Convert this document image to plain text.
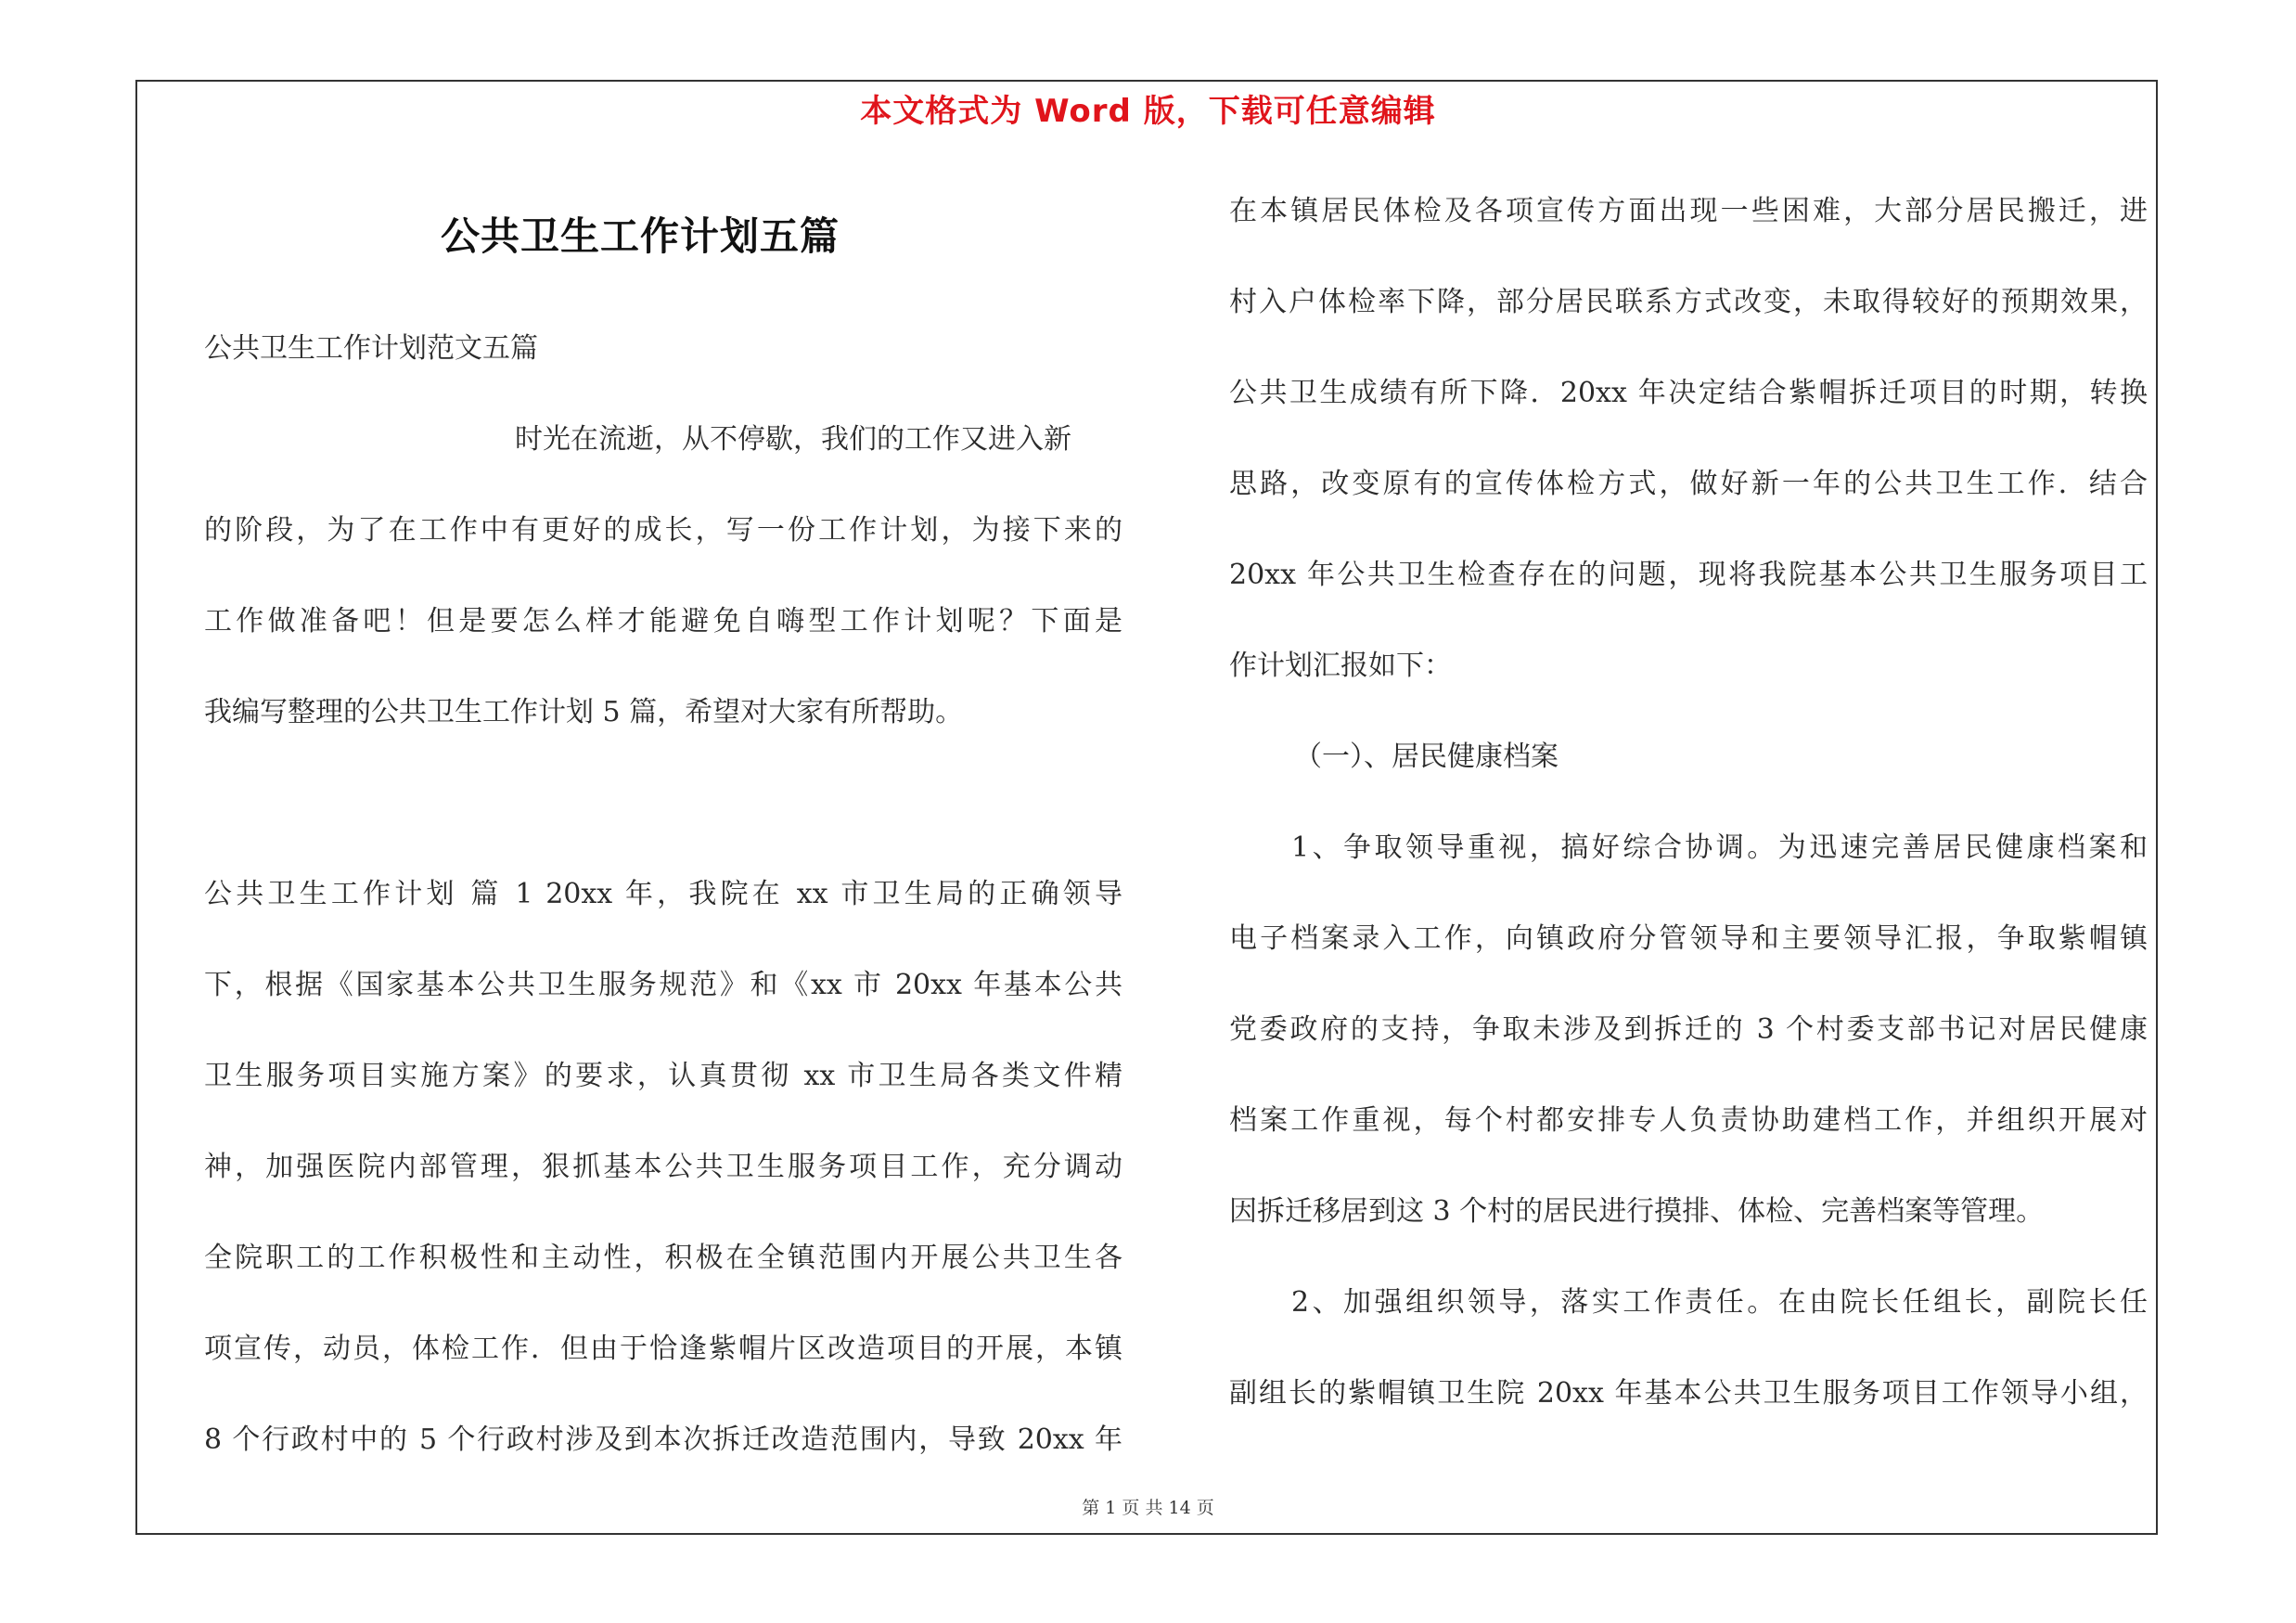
本文格式为 Word 版，下载可任意编辑
公共卫生工作计划五篇
公共卫生工作计划范文五篇
时光在流逝，从不停歇，我们的工作又进入新
的阶段，为了在工作中有更好的成长，写一份工作计划，为接下来的
工作做准备吧！但是要怎么样才能避免自嗨型工作计划呢？下面是
我编写整理的公共卫生工作计划 5 篇，希望对大家有所帮助。
公共卫生工作计划 篇 1 20xx 年，我院在 xx 市卫生局的正确领导
下，根据《国家基本公共卫生服务规范》和《xx 市 20xx 年基本公共
卫生服务项目实施方案》的要求，认真贯彻 xx 市卫生局各类文件精
神，加强医院内部管理，狠抓基本公共卫生服务项目工作，充分调动
全院职工的工作积极性和主动性，积极在全镇范围内开展公共卫生各
项宣传，动员，体检工作．但由于恰逢紫帽片区改造项目的开展，本镇
8 个行政村中的 5 个行政村涉及到本次拆迁改造范围内，导致 20xx 年
在本镇居民体检及各项宣传方面出现一些困难，大部分居民搬迁，进
村入户体检率下降，部分居民联系方式改变，未取得较好的预期效果，
公共卫生成绩有所下降．20xx 年决定结合紫帽拆迁项目的时期，转换
思路，改变原有的宣传体检方式，做好新一年的公共卫生工作．结合
20xx 年公共卫生检查存在的问题，现将我院基本公共卫生服务项目工
作计划汇报如下：
（一）、居民健康档案
1、争取领导重视，搞好综合协调。为迅速完善居民健康档案和
电子档案录入工作，向镇政府分管领导和主要领导汇报，争取紫帽镇
党委政府的支持，争取未涉及到拆迁的 3 个村委支部书记对居民健康
档案工作重视，每个村都安排专人负责协助建档工作，并组织开展对
因拆迁移居到这 3 个村的居民进行摸排、体检、完善档案等管理。
2、加强组织领导，落实工作责任。在由院长任组长，副院长任
副组长的紫帽镇卫生院 20xx 年基本公共卫生服务项目工作领导小组，
第 1 页 共 14 页
